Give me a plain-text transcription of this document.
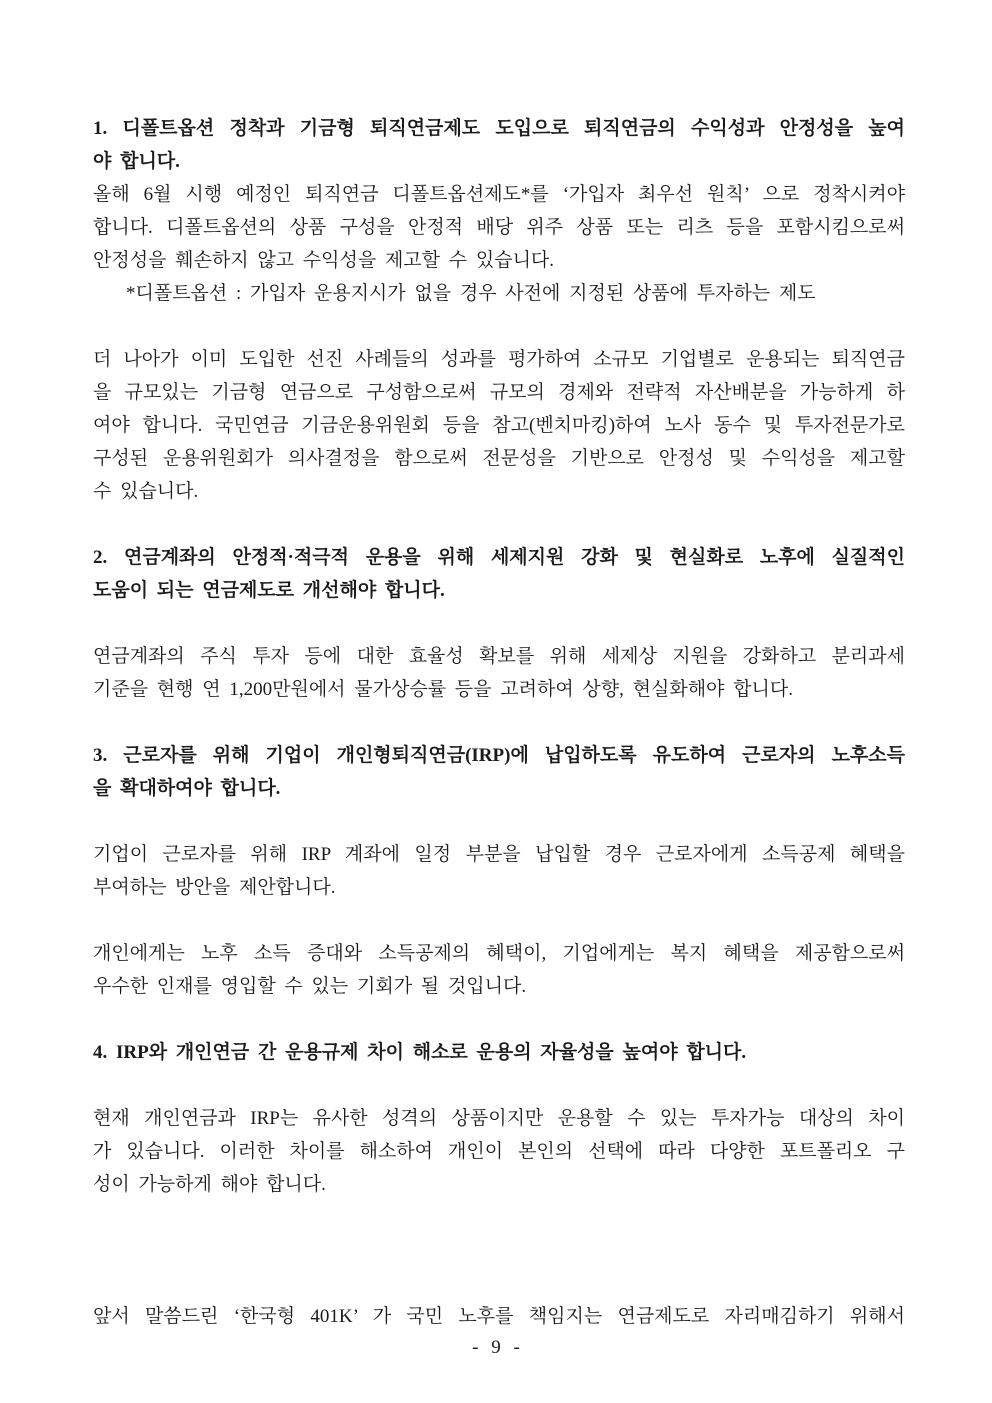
1. 디폴트옵션 정착과 기금형 퇴직연금제도 도입으로 퇴직연금의 수익성과 안정성을 높여
야 합니다.
올해 6월 시행 예정인 퇴직연금 디폴트옵션제도*를 ‘가입자 최우선 원칙’ 으로 정착시켜야
합니다. 디폴트옵션의 상품 구성을 안정적 배당 위주 상품 또는 리츠 등을 포함시킴으로써
안정성을 훼손하지 않고 수익성을 제고할 수 있습니다.
*디폴트옵션 : 가입자 운용지시가 없을 경우 사전에 지정된 상품에 투자하는 제도
더 나아가 이미 도입한 선진 사례들의 성과를 평가하여 소규모 기업별로 운용되는 퇴직연금
을 규모있는 기금형 연금으로 구성함으로써 규모의 경제와 전략적 자산배분을 가능하게 하
여야 합니다. 국민연금 기금운용위원회 등을 참고(벤치마킹)하여 노사 동수 및 투자전문가로
구성된 운용위원회가 의사결정을 함으로써 전문성을 기반으로 안정성 및 수익성을 제고할
수 있습니다.
2. 연금계좌의 안정적·적극적 운용을 위해 세제지원 강화 및 현실화로 노후에 실질적인
도움이 되는 연금제도로 개선해야 합니다.
연금계좌의 주식 투자 등에 대한 효율성 확보를 위해 세제상 지원을 강화하고 분리과세
기준을 현행 연 1,200만원에서 물가상승률 등을 고려하여 상향, 현실화해야 합니다.
3. 근로자를 위해 기업이 개인형퇴직연금(IRP)에 납입하도록 유도하여 근로자의 노후소득
을 확대하여야 합니다.
기업이 근로자를 위해 IRP 계좌에 일정 부분을 납입할 경우 근로자에게 소득공제 혜택을
부여하는 방안을 제안합니다.
개인에게는 노후 소득 증대와 소득공제의 혜택이, 기업에게는 복지 혜택을 제공함으로써
우수한 인재를 영입할 수 있는 기회가 될 것입니다.
4. IRP와 개인연금 간 운용규제 차이 해소로 운용의 자율성을 높여야 합니다.
현재 개인연금과 IRP는 유사한 성격의 상품이지만 운용할 수 있는 투자가능 대상의 차이
가 있습니다. 이러한 차이를 해소하여 개인이 본인의 선택에 따라 다양한 포트폴리오 구
성이 가능하게 해야 합니다.
앞서 말씀드린 ‘한국형 401K’ 가 국민 노후를 책임지는 연금제도로 자리매김하기 위해서
- 9 -
